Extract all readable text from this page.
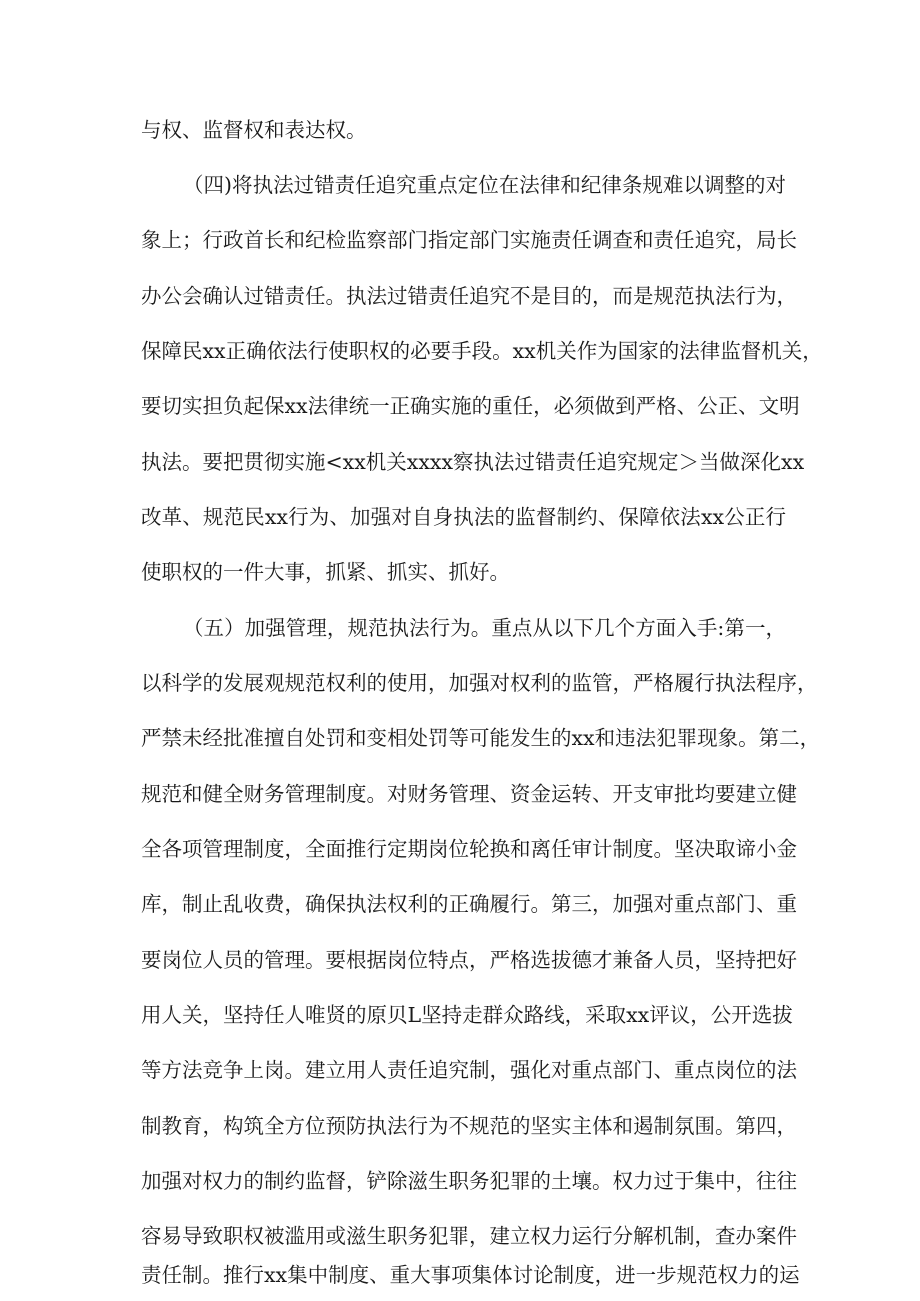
与权、监督权和表达权。
（四)将执法过错责任追究重点定位在法律和纪律条规难以调整的对
象上；行政首长和纪检监察部门指定部门实施责任调查和责任追究，局长
办公会确认过错责任。执法过错责任追究不是目的，而是规范执法行为，
保障民xx正确依法行使职权的必要手段。xx机关作为国家的法律监督机关，
要切实担负起保xx法律统一正确实施的重任，必须做到严格、公正、文明
执法。要把贯彻实施<xx机关xxxx察执法过错责任追究规定＞当做深化xx
改革、规范民xx行为、加强对自身执法的监督制约、保障依法xx公正行
使职权的一件大事，抓紧、抓实、抓好。
（五）加强管理，规范执法行为。重点从以下几个方面入手:第一，
以科学的发展观规范权利的使用，加强对权利的监管，严格履行执法程序，
严禁未经批准擅自处罚和变相处罚等可能发生的xx和违法犯罪现象。第二，
规范和健全财务管理制度。对财务管理、资金运转、开支审批均要建立健
全各项管理制度，全面推行定期岗位轮换和离任审计制度。坚决取谛小金
库，制止乱收费，确保执法权利的正确履行。第三，加强对重点部门、重
要岗位人员的管理。要根据岗位特点，严格选拔德才兼备人员，坚持把好
用人关，坚持任人唯贤的原贝L坚持走群众路线，采取xx评议，公开选拔
等方法竞争上岗。建立用人责任追究制，强化对重点部门、重点岗位的法
制教育，构筑全方位预防执法行为不规范的坚实主体和遏制氛围。第四，
加强对权力的制约监督，铲除滋生职务犯罪的土壤。权力过于集中，往往
容易导致职权被滥用或滋生职务犯罪，建立权力运行分解机制，查办案件
责任制。推行xx集中制度、重大事项集体讨论制度，进一步规范权力的运
